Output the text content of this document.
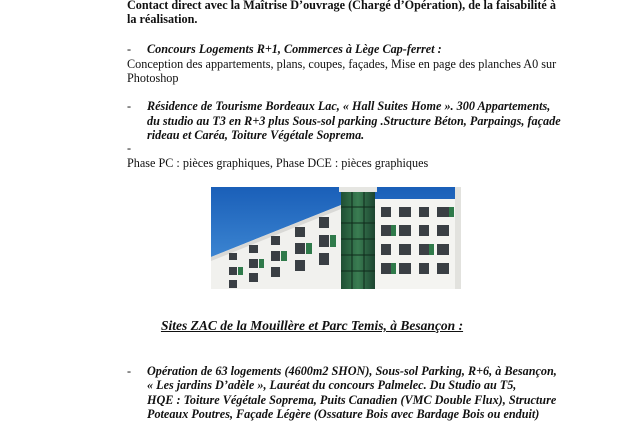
Contact direct avec la Maîtrise D’ouvrage (Chargé d’Opération), de la faisabilité à
la réalisation.
- Concours Logements R+1, Commerces à Lège Cap-ferret :
Conception des appartements, plans, coupes, façades, Mise en page des planches A0 sur
Photoshop
- Résidence de Tourisme Bordeaux Lac, « Hall Suites Home ». 300 Appartements,
du studio au T3 en R+3 plus Sous-sol parking .Structure Béton, Parpaings, façade
rideau et Caréa, Toiture Végétale Soprema.
-
Phase PC : pièces graphiques, Phase DCE : pièces graphiques
Sites ZAC de la Mouillère et Parc Temis, à Besançon :
- Opération de 63 logements (4600m2 SHON), Sous-sol Parking, R+6, à Besançon,
« Les jardins D’adèle », Lauréat du concours Palmelec. Du Studio au T5,
HQE : Toiture Végétale Soprema, Puits Canadien (VMC Double Flux), Structure
Poteaux Poutres, Façade Légère (Ossature Bois avec Bardage Bois ou enduit)
